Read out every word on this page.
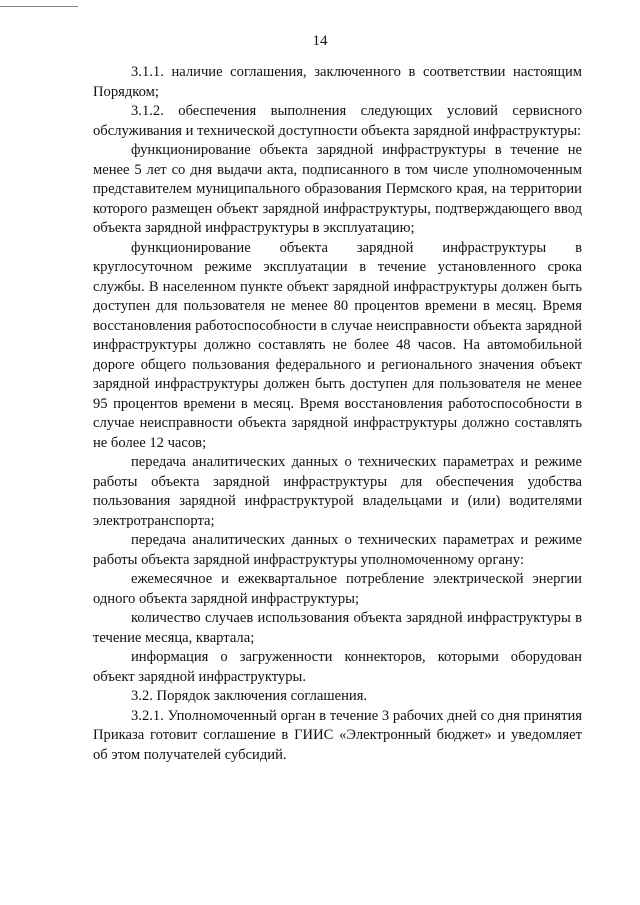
14

3.1.1. наличие соглашения, заключенного в соответствии настоящим Порядком;

3.1.2. обеспечения выполнения следующих условий сервисного обслуживания и технической доступности объекта зарядной инфраструктуры:

функционирование объекта зарядной инфраструктуры в течение не менее 5 лет со дня выдачи акта, подписанного в том числе уполномоченным представителем муниципального образования Пермского края, на территории которого размещен объект зарядной инфраструктуры, подтверждающего ввод объекта зарядной инфраструктуры в эксплуатацию;

функционирование объекта зарядной инфраструктуры в круглосуточном режиме эксплуатации в течение установленного срока службы. В населенном пункте объект зарядной инфраструктуры должен быть доступен для пользователя не менее 80 процентов времени в месяц. Время восстановления работоспособности в случае неисправности объекта зарядной инфраструктуры должно составлять не более 48 часов. На автомобильной дороге общего пользования федерального и регионального значения объект зарядной инфраструктуры должен быть доступен для пользователя не менее 95 процентов времени в месяц. Время восстановления работоспособности в случае неисправности объекта зарядной инфраструктуры должно составлять не более 12 часов;

передача аналитических данных о технических параметрах и режиме работы объекта зарядной инфраструктуры для обеспечения удобства пользования зарядной инфраструктурой владельцами и (или) водителями электротранспорта;

передача аналитических данных о технических параметрах и режиме работы объекта зарядной инфраструктуры уполномоченному органу:

ежемесячное и ежеквартальное потребление электрической энергии одного объекта зарядной инфраструктуры;

количество случаев использования объекта зарядной инфраструктуры в течение месяца, квартала;

информация о загруженности коннекторов, которыми оборудован объект зарядной инфраструктуры.

3.2. Порядок заключения соглашения.

3.2.1. Уполномоченный орган в течение 3 рабочих дней со дня принятия Приказа готовит соглашение в ГИИС «Электронный бюджет» и уведомляет об этом получателей субсидий.
